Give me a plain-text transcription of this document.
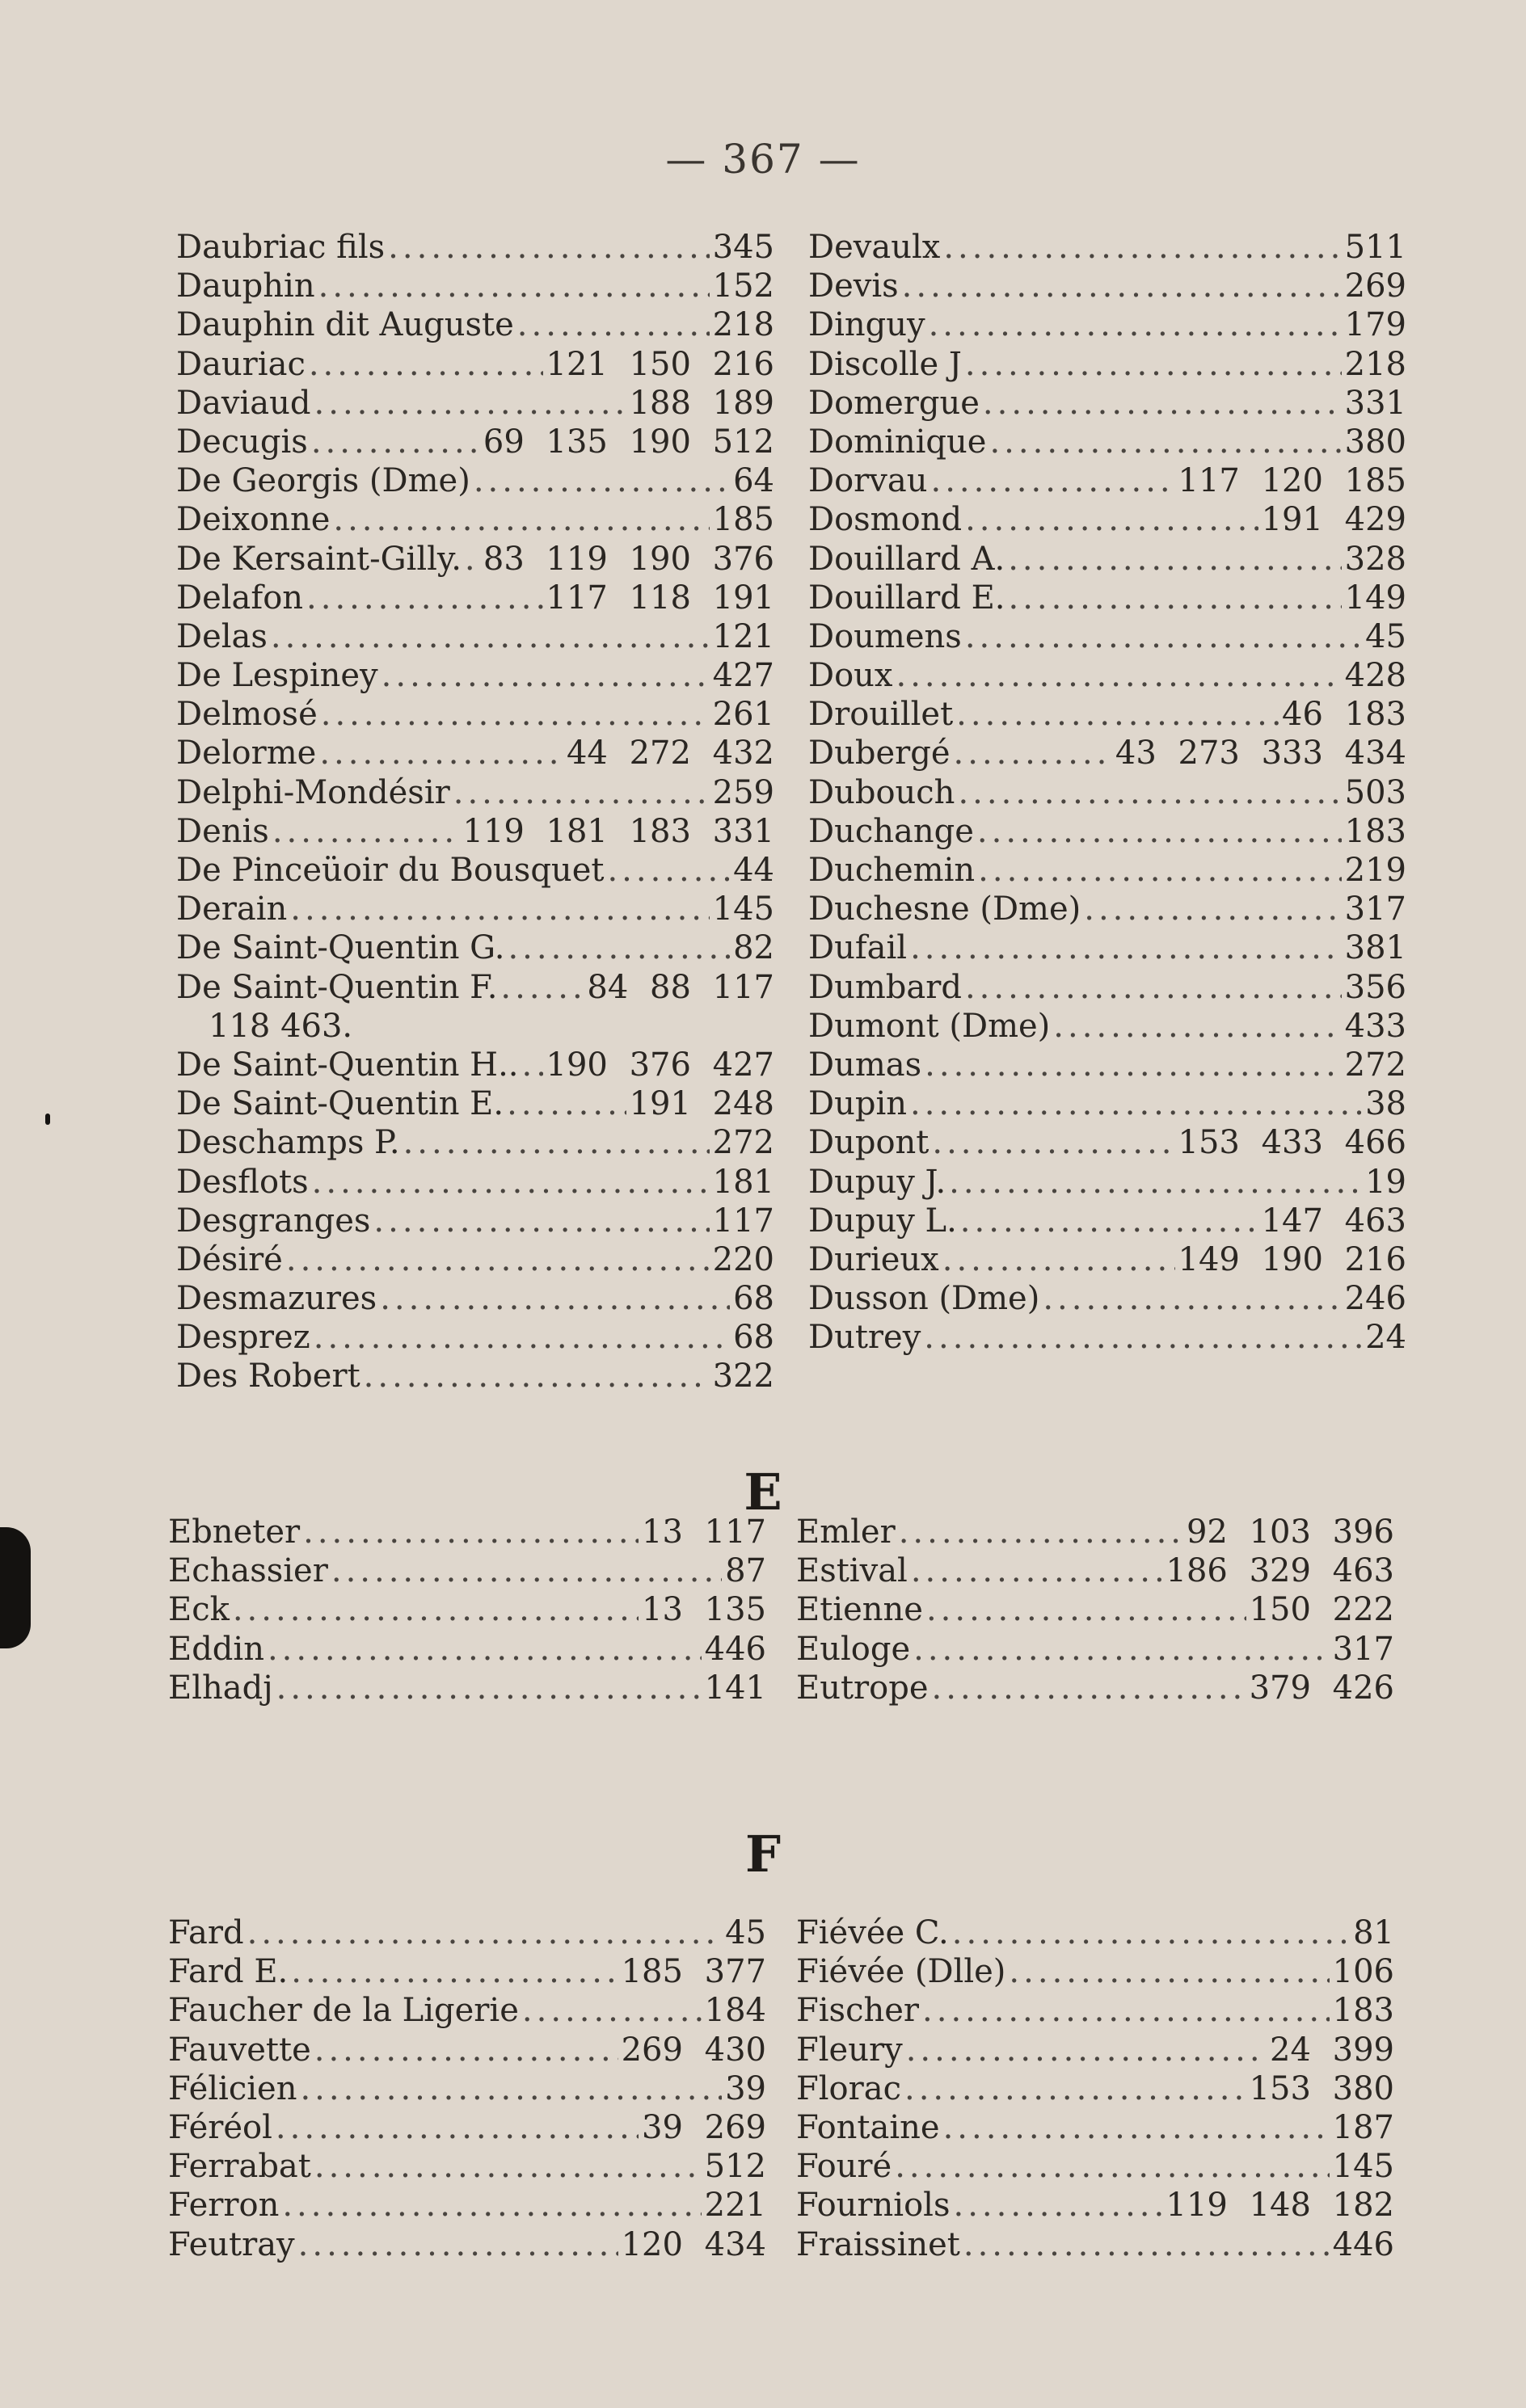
— 367 —
Daubriac fils .....	345
Dauphin .....	152
Dauphin dit Auguste .....	218
Dauriac .....	121 150 216
Daviaud .....	188 189
Decugis .....	69 135 190 512
De Georgis (Dme) .....	64
Deixonne .....	185
De Kersaint-Gilly. ..... 83 119 190 376
Delafon .....	117 118 191
Delas .....	121
De Lespiney .....	427
Delmosé .....	261
Delorme .....	44 272 432
Delphi-Mondésir .....	259
Denis .....	119 181 183 331
De Pinceüoir du Bousquet .....	44
Derain .....	145
De Saint-Quentin G. .....	82
De Saint-Quentin F. .....	84 88 117
118 463.
De Saint-Quentin H.. ..... 190 376 427
De Saint-Quentin E. .....	191 248
Deschamps P. .....	272
Desflots .....	181
Desgranges .....	117
Désiré .....	220
Desmazures .....	68
Desprez .....	68
Des Robert .....	322
Devaulx .....	511
Devis .....	269
Dinguy .....	179
Discolle J .....	218
Domergue .....	331
Dominique .....	380
Dorvau .....	117 120 185
Dosmond .....	191 429
Douillard A. .....	328
Douillard E. .....	149
Doumens .....	45
Doux .....	428
Drouillet .....	46 183
Dubergé .....	43 273 333 434
Dubouch .....	503
Duchange .....	183
Duchemin .....	219
Duchesne (Dme) .....	317
Dufail .....	381
Dumbard .....	356
Dumont (Dme) .....	433
Dumas .....	272
Dupin .....	38
Dupont .....	153 433 466
Dupuy J. .....	19
Dupuy L. .....	147 463
Durieux .....	149 190 216
Dusson (Dme) .....	246
Dutrey .....	24
E
Ebneter .....	13 117
Echassier .....	87
Eck .....	13 135
Eddin .....	446
Elhadj .....	141
Emler .....	92 103 396
Estival .....	186 329 463
Etienne .....	150 222
Euloge .....	317
Eutrope .....	379 426
F
Fard .....	45
Fard E. .....	185 377
Faucher de la Ligerie .....	184
Fauvette .....	269 430
Félicien .....	39
Féréol .....	39 269
Ferrabat .....	512
Ferron .....	221
Feutray .....	120 434
Fiévée C. .....	81
Fiévée (Dlle) .....	106
Fischer .....	183
Fleury .....	24 399
Florac .....	153 380
Fontaine .....	187
Fouré .....	145
Fourniols .....	119 148 182
Fraissinet .....	446
